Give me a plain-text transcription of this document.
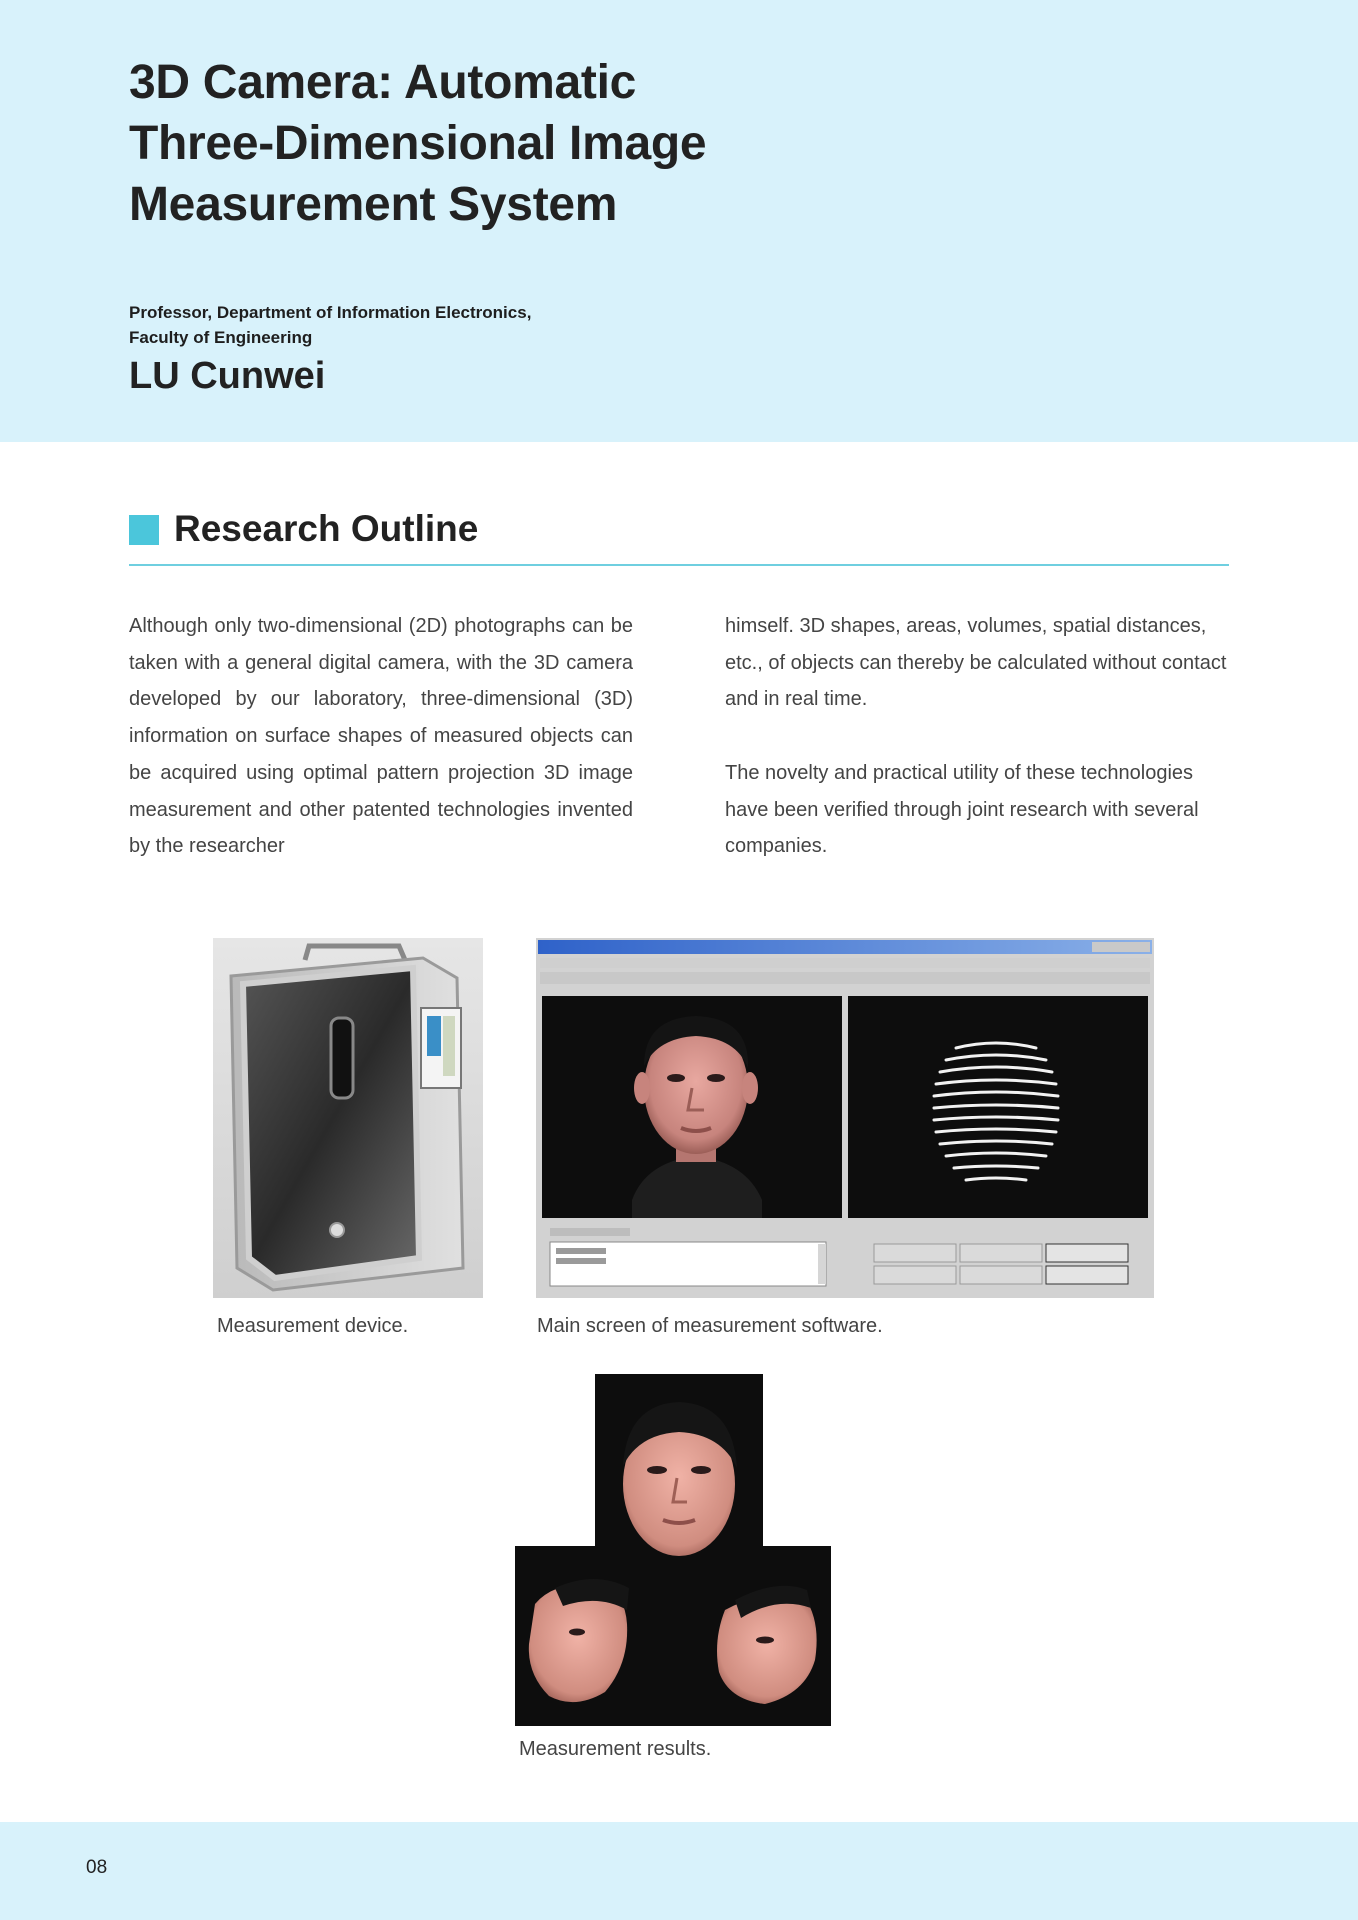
3D Camera: Automatic
Three-Dimensional Image
Measurement System
Professor, Department of Information Electronics,
Faculty of Engineering
LU Cunwei
Research Outline

Although only two-dimensional (2D) photographs can be taken with a general digital camera, with the 3D camera developed by our laboratory, three-dimensional (3D) information on surface shapes of measured objects can be acquired using optimal pattern projection 3D image measurement and other patented technologies invented by the researcher

himself. 3D shapes, areas, volumes, spatial distances, etc., of objects can thereby be calculated without contact and in real time.

The novelty and practical utility of these technologies have been verified through joint research with several companies.

Measurement device.	Main screen of measurement software.
Measurement results.
08
